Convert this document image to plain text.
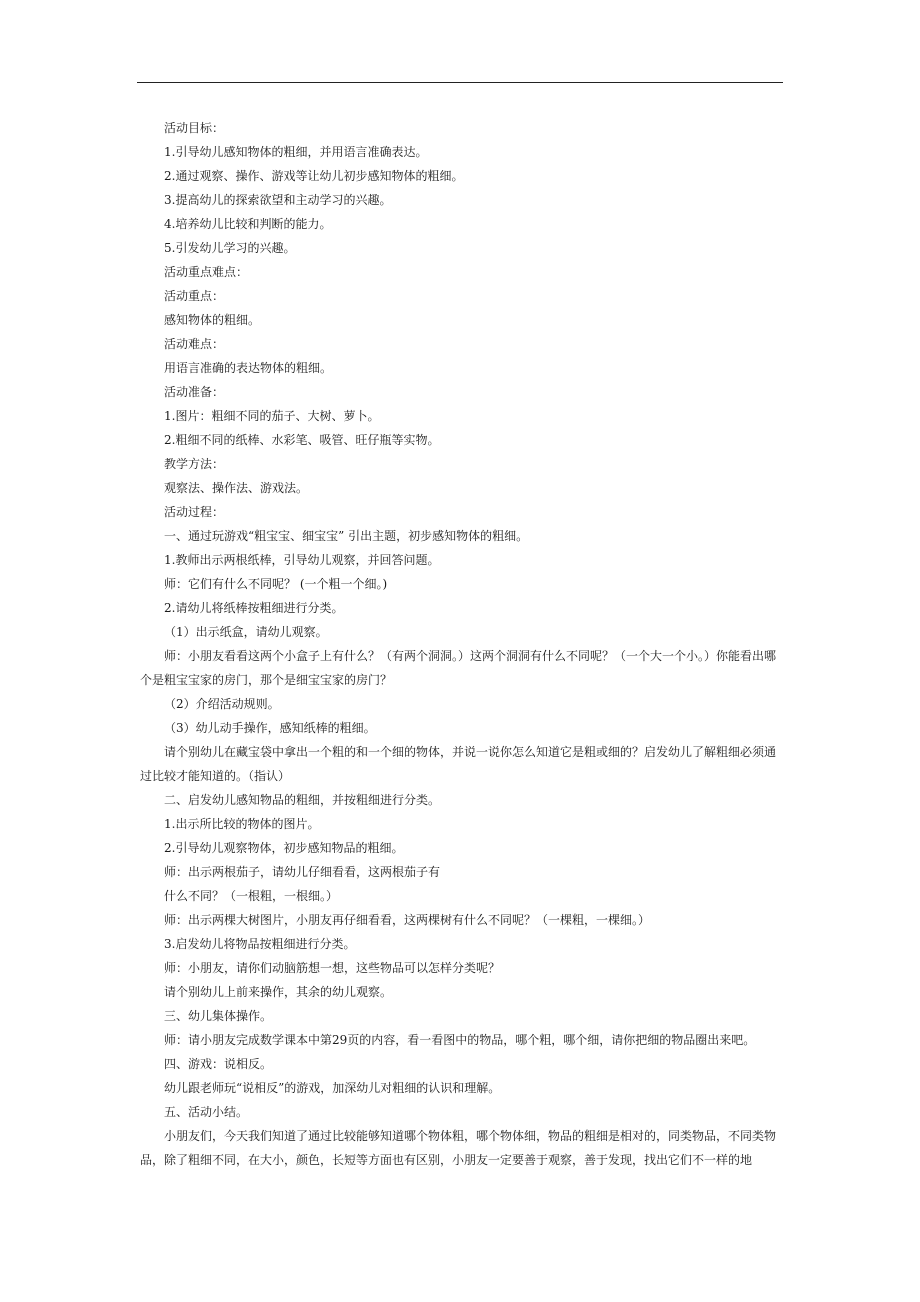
活动目标：
1.引导幼儿感知物体的粗细，并用语言准确表达。
2.通过观察、操作、游戏等让幼儿初步感知物体的粗细。
3.提高幼儿的探索欲望和主动学习的兴趣。
4.培养幼儿比较和判断的能力。
5.引发幼儿学习的兴趣。
活动重点难点：
活动重点：
感知物体的粗细。
活动难点：
用语言准确的表达物体的粗细。
活动准备：
1.图片：粗细不同的茄子、大树、萝卜。
2.粗细不同的纸棒、水彩笔、吸管、旺仔瓶等实物。
教学方法：
观察法、操作法、游戏法。
活动过程：
一、通过玩游戏“粗宝宝、细宝宝” 引出主题，初步感知物体的粗细。
1.教师出示两根纸棒，引导幼儿观察，并回答问题。
师：它们有什么不同呢？ (一个粗一个细。)
2.请幼儿将纸棒按粗细进行分类。
（1）出示纸盒，请幼儿观察。
师：小朋友看看这两个小盒子上有什么？（有两个洞洞。）这两个洞洞有什么不同呢？（一个大一个小。）你能看出哪个是粗宝宝家的房门，那个是细宝宝家的房门？
（2）介绍活动规则。
（3）幼儿动手操作，感知纸棒的粗细。
请个别幼儿在藏宝袋中拿出一个粗的和一个细的物体，并说一说你怎么知道它是粗或细的？启发幼儿了解粗细必须通过比较才能知道的。（指认）
二、启发幼儿感知物品的粗细，并按粗细进行分类。
1.出示所比较的物体的图片。
2.引导幼儿观察物体，初步感知物品的粗细。
师：出示两根茄子，请幼儿仔细看看，这两根茄子有
什么不同？（一根粗，一根细。）
师：出示两棵大树图片，小朋友再仔细看看，这两棵树有什么不同呢？（一棵粗，一棵细。）
3.启发幼儿将物品按粗细进行分类。
师：小朋友，请你们动脑筋想一想，这些物品可以怎样分类呢？
请个别幼儿上前来操作，其余的幼儿观察。
三、幼儿集体操作。
师：请小朋友完成数学课本中第29页的内容，看一看图中的物品，哪个粗，哪个细，请你把细的物品圈出来吧。
四、游戏：说相反。
幼儿跟老师玩“说相反”的游戏，加深幼儿对粗细的认识和理解。
五、活动小结。
小朋友们，今天我们知道了通过比较能够知道哪个物体粗，哪个物体细，物品的粗细是相对的，同类物品，不同类物品，除了粗细不同，在大小，颜色，长短等方面也有区别，小朋友一定要善于观察，善于发现，找出它们不一样的地
